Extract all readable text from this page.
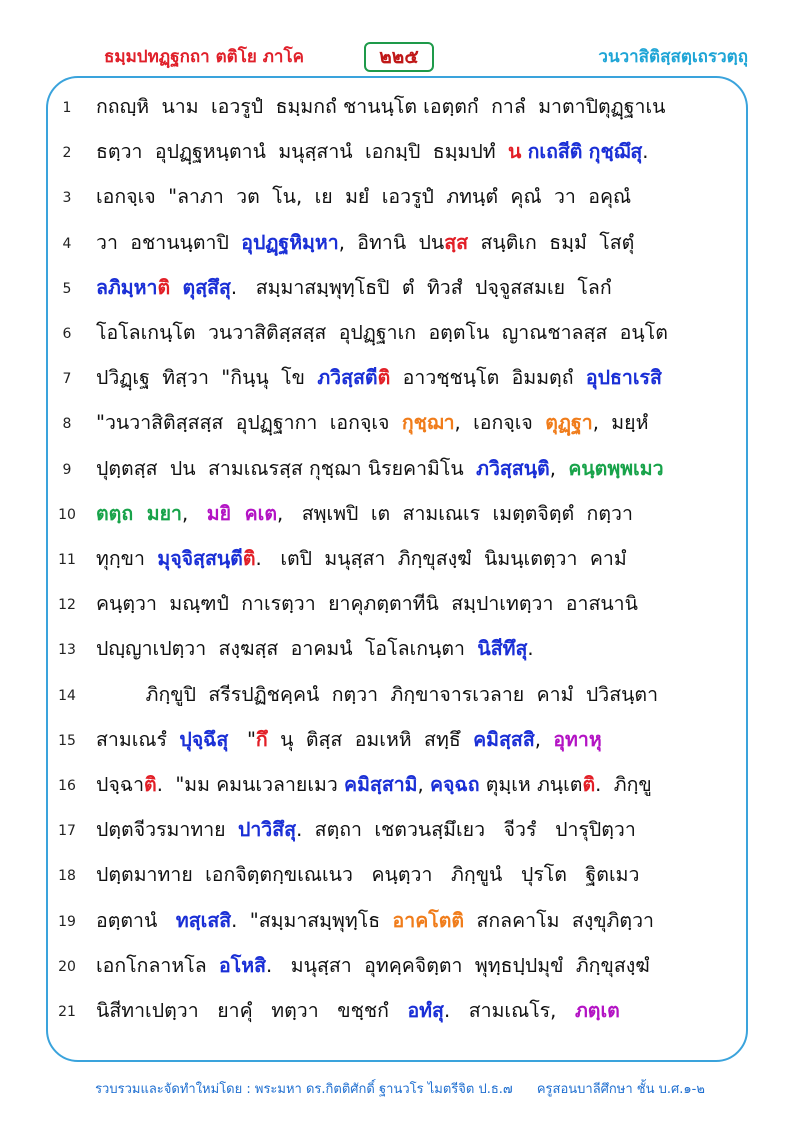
ธมฺมปทฏฺฐกถา ตติโย ภาโค	๒๒๕	วนวาสิติสฺสตฺเถรวตฺถุ
1	กถญฺหิ  นาม  เอวรูปํ  ธมฺมกถํ ชานนฺโต เอตฺตกํ  กาลํ  มาตาปิตุฏฺฐาเน
2	ธตฺวา  อุปฏฺฐหนฺตานํ  มนุสฺสานํ  เอกมฺปิ  ธมฺมปทํ  น กเถสีติ กุชฺฌึสุ.
3	เอกจฺเจ  "ลาภา  วต  โน,  เย  มยํ  เอวรูปํ  ภทนฺตํ  คุณํ  วา  อคุณํ
4	วา  อชานนฺตาปิ  อุปฏฺฐหิมฺหา,  อิทานิ  ปนสฺส  สนฺติเก  ธมฺมํ  โสตุํ
5	ลภิมฺหาติ ตุสฺสึสุ.   สมฺมาสมฺพุทฺโธปิ  ตํ  ทิวสํ  ปจฺจูสสมเย  โลกํ
6	โอโลเกนฺโต  วนวาสิติสฺสสฺส  อุปฏฺฐาเก  อตฺตโน  ญาณชาลสฺส  อนฺโต
7	ปวิฏฺเฐ  ทิสฺวา  "กินฺนุ  โข  ภวิสฺสตีติ  อาวชฺชนฺโต  อิมมตฺถํ  อุปธาเรสิ
8	"วนวาสิติสฺสสฺส  อุปฏฺฐากา  เอกจฺเจ  กุชฺฌา,  เอกจฺเจ  ตุฏฺฐา,  มยฺหํ
9	ปุตฺตสฺส  ปน  สามเณรสฺส กุชฺฌา นิรยคามิโน  ภวิสฺสนฺติ,  คนฺตพฺพเมว
10	ตตฺถ  มยา,   มยิ  คเต,   สพฺเพปิ  เต  สามเณเร  เมตฺตจิตฺตํ  กตฺวา
11	ทุกฺขา  มุจฺจิสฺสนฺตีติ.   เตปิ  มนุสฺสา  ภิกฺขุสงฺฆํ  นิมนฺเตตฺวา  คามํ
12	คนฺตฺวา  มณฺฑปํ  กาเรตฺวา  ยาคุภตฺตาทีนิ  สมฺปาเทตฺวา  อาสนานิ
13	ปญฺญาเปตฺวา  สงฺฆสฺส  อาคมนํ  โอโลเกนฺตา  นิสีทึสุ.
14	ภิกฺขูปิ  สรีรปฏิชคฺคนํ  กตฺวา  ภิกฺขาจารเวลาย  คามํ  ปวิสนฺตา
15	สามเณรํ  ปุจฺฉึสุ   "กึ  นุ  ติสฺส  อมเหหิ  สทฺธึ  คมิสฺสสิ,  อุทาหุ
16	ปจฺฉาติ.  "มม คมนเวลายเมว คมิสฺสามิ, คจฺฉถ ตุมฺเห ภนฺเตติ.  ภิกฺขู
17	ปตฺตจีวรมาทาย  ปาวิสึสุ.  สตฺถา  เชตวนสฺมึเยว   จีวรํ   ปารุปิตฺวา
18	ปตฺตมาทาย  เอกจิตฺตกฺขเณเนว   คนฺตฺวา   ภิกฺขูนํ   ปุรโต   ฐิตเมว
19	อตฺตานํ   ทสฺเสสิ.  "สมฺมาสมฺพุทฺโธ  อาคโตติ  สกลคาโม  สงฺขุภิตฺวา
20	เอกโกลาหโล  อโหสิ.   มนุสฺสา  อุทคฺคจิตฺตา  พุทฺธปฺปมุขํ  ภิกฺขุสงฺฆํ
21	นิสีทาเปตฺวา   ยาคุํ   ทตฺวา   ขชฺชกํ   อทํสุ.   สามเณโร,   ภตฺเต
รวบรวมและจัดทำใหม่โดย : พระมหา ดร.กิตติศักดิ์ ฐานวโร ไมตรีจิต ป.ธ.๗ ครูสอนบาลีศึกษา ชั้น บ.ศ.๑-๒
